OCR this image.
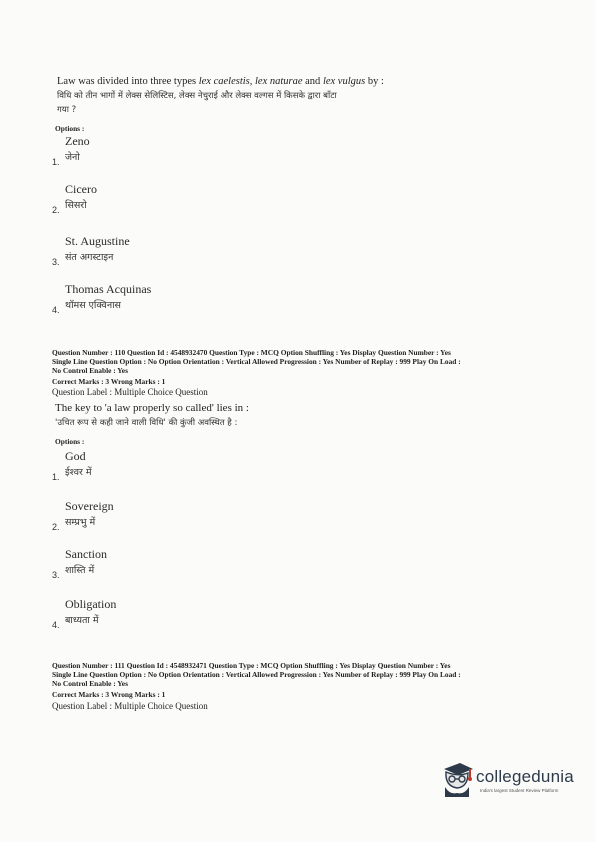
Law was divided into three types lex caelestis, lex naturae and lex vulgus by :
विधि को तीन भागों में लेक्स सेलिस्टिस, लेक्स नेचुराई और लेक्स वल्गस में किसके द्वारा बाँटा
गया ?
Options :
Zeno
1. जेनो
Cicero
2. सिसरो
St. Augustine
3. संत अगस्टाइन
Thomas Acquinas
4. थॉमस एक्विनास
Question Number : 110 Question Id : 4548932470 Question Type : MCQ Option Shuffling : Yes Display Question Number : Yes
Single Line Question Option : No Option Orientation : Vertical Allowed Progression : Yes Number of Replay : 999 Play On Load :
No Control Enable : Yes
Correct Marks : 3 Wrong Marks : 1
Question Label : Multiple Choice Question
The key to 'a law properly so called' lies in :
'उचित रूप से कही जाने वाली विधि' की कुंजी अवस्थित है :
Options :
God
1. ईश्वर में
Sovereign
2. सम्प्रभु में
Sanction
3. शास्ति में
Obligation
4. बाध्यता में
Question Number : 111 Question Id : 4548932471 Question Type : MCQ Option Shuffling : Yes Display Question Number : Yes
Single Line Question Option : No Option Orientation : Vertical Allowed Progression : Yes Number of Replay : 999 Play On Load :
No Control Enable : Yes
Correct Marks : 3 Wrong Marks : 1
Question Label : Multiple Choice Question
collegedunia
India's largest Student Review Platform
